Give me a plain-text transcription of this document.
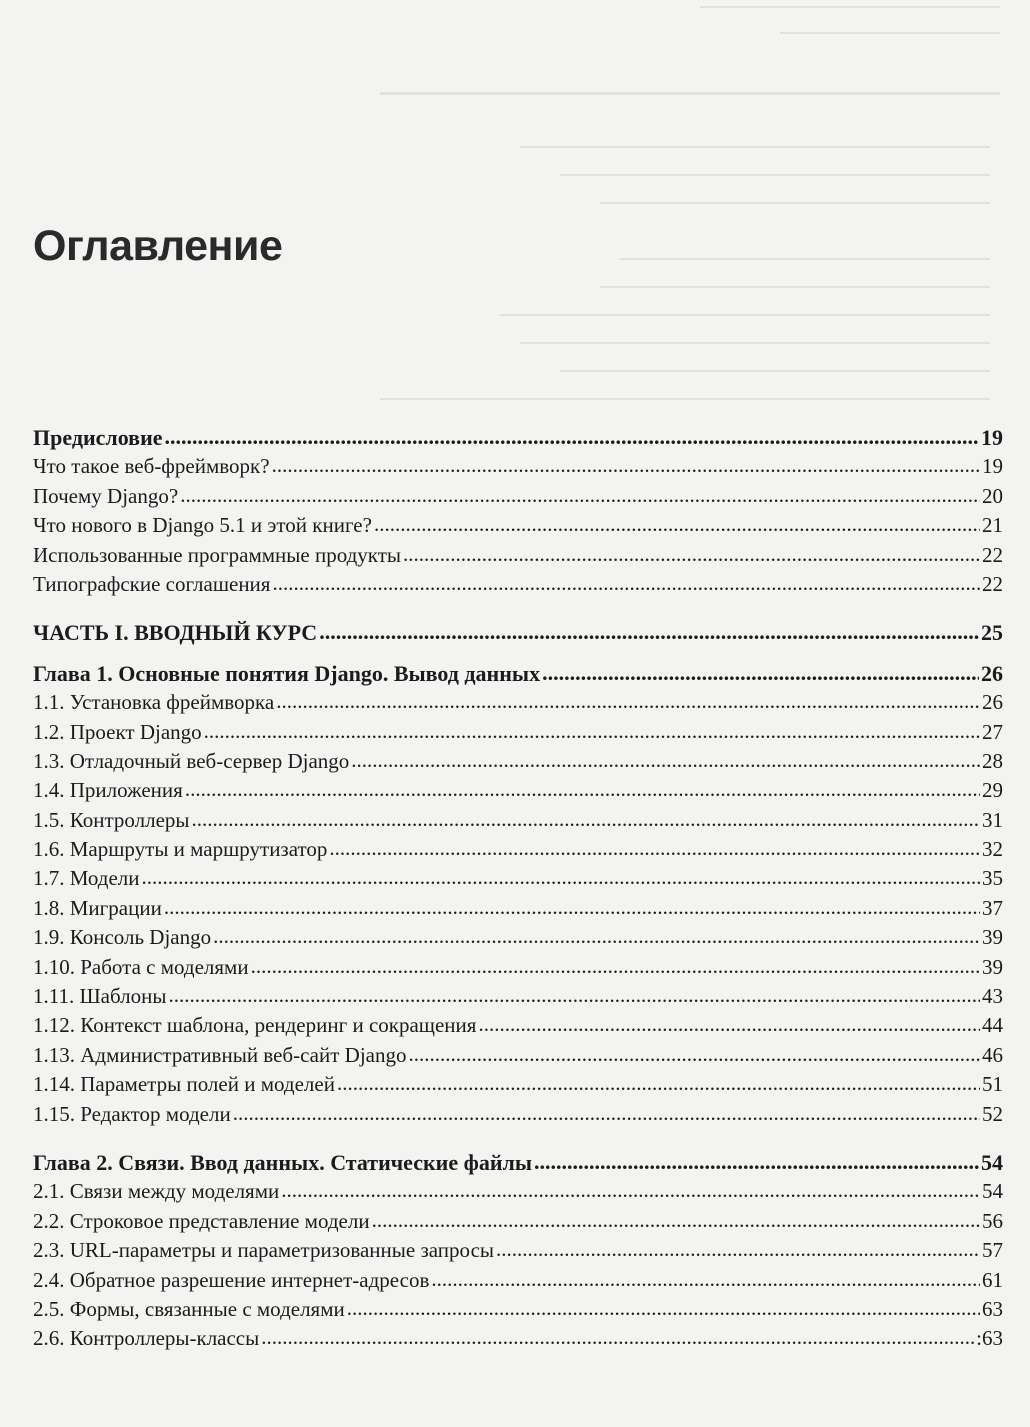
Оглавление
Предисловие .....	19
Что такое веб-фреймворк? .....	19
Почему Django? .....	20
Что нового в Django 5.1 и этой книге? .....	21
Использованные программные продукты .....	22
Типографские соглашения .....	22
ЧАСТЬ I. ВВОДНЫЙ КУРС .....	25
Глава 1. Основные понятия Django. Вывод данных .....	26
1.1. Установка фреймворка .....	26
1.2. Проект Django .....	27
1.3. Отладочный веб-сервер Django .....	28
1.4. Приложения .....	29
1.5. Контроллеры .....	31
1.6. Маршруты и маршрутизатор .....	32
1.7. Модели .....	35
1.8. Миграции .....	37
1.9. Консоль Django .....	39
1.10. Работа с моделями .....	39
1.11. Шаблоны .....	43
1.12. Контекст шаблона, рендеринг и сокращения .....	44
1.13. Административный веб-сайт Django .....	46
1.14. Параметры полей и моделей .....	51
1.15. Редактор модели .....	52
Глава 2. Связи. Ввод данных. Статические файлы .....	54
2.1. Связи между моделями .....	54
2.2. Строковое представление модели .....	56
2.3. URL-параметры и параметризованные запросы .....	57
2.4. Обратное разрешение интернет-адресов .....	61
2.5. Формы, связанные с моделями .....	63
2.6. Контроллеры-классы .....	:63
